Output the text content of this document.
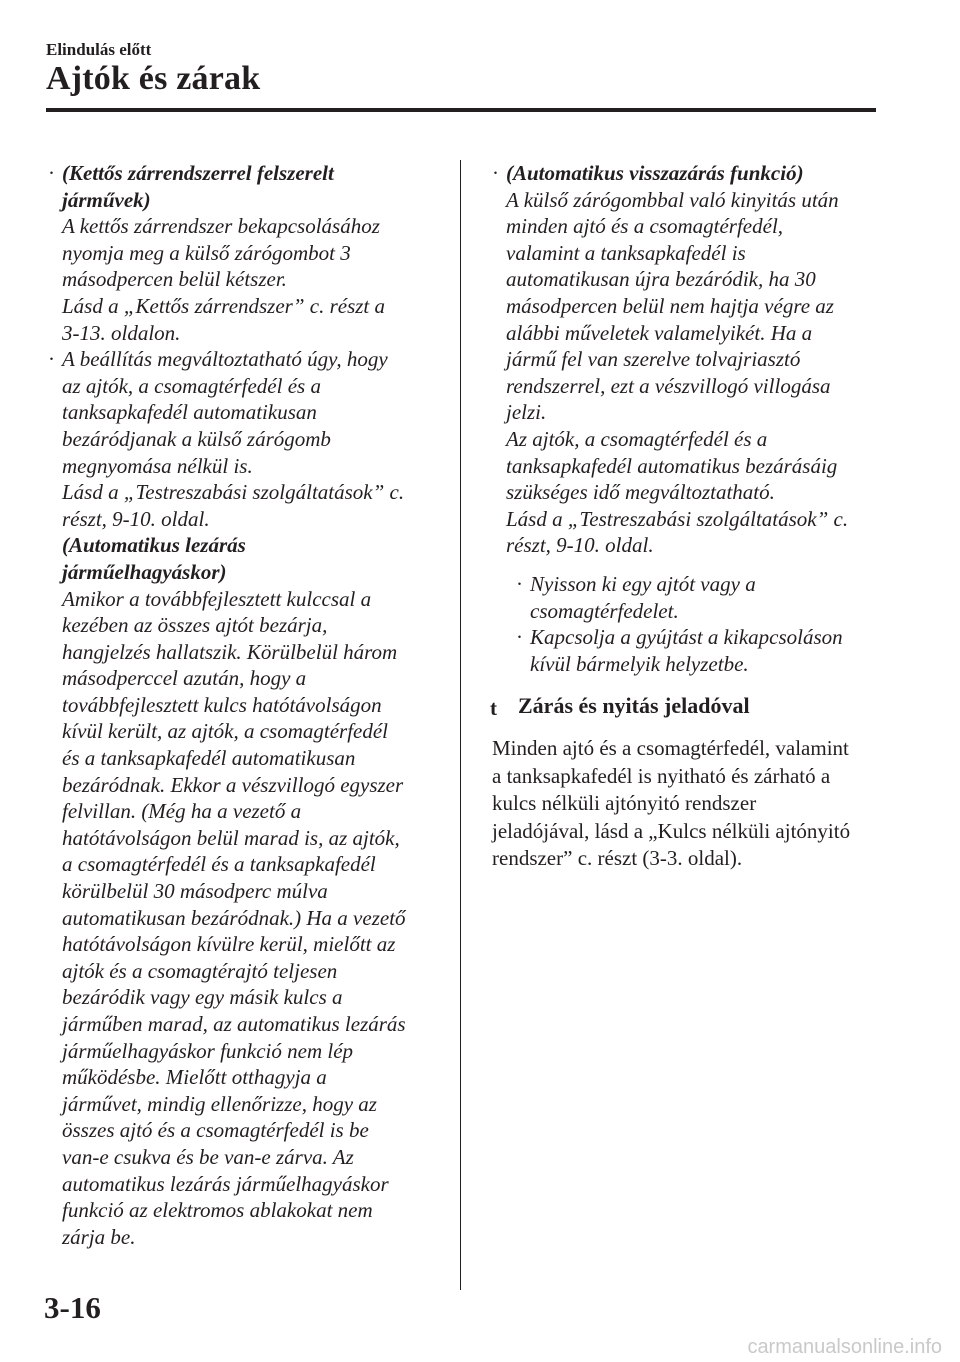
Elindulás előtt
Ajtók és zárak
· (Kettős zárrendszerrel felszerelt
járművek)

A kettős zárrendszer bekapcsolásához
nyomja meg a külső zárógombot 3
másodpercen belül kétszer.
Lásd a „Kettős zárrendszer” c. részt a
3-13. oldalon.

· A beállítás megváltoztatható úgy, hogy
az ajtók, a csomagtérfedél és a
tanksapkafedél automatikusan
bezáródjanak a külső zárógomb
megnyomása nélkül is.
Lásd a „Testreszabási szolgáltatások” c.
részt, 9-10. oldal.

(Automatikus lezárás
járműelhagyáskor)

Amikor a továbbfejlesztett kulccsal a
kezében az összes ajtót bezárja,
hangjelzés hallatszik. Körülbelül három
másodperccel azután, hogy a
továbbfejlesztett kulcs hatótávolságon
kívül került, az ajtók, a csomagtérfedél
és a tanksapkafedél automatikusan
bezáródnak. Ekkor a vészvillogó egyszer
felvillan. (Még ha a vezető a
hatótávolságon belül marad is, az ajtók,
a csomagtérfedél és a tanksapkafedél
körülbelül 30 másodperc múlva
automatikusan bezáródnak.) Ha a vezető
hatótávolságon kívülre kerül, mielőtt az
ajtók és a csomagtérajtó teljesen
bezáródik vagy egy másik kulcs a
járműben marad, az automatikus lezárás
járműelhagyáskor funkció nem lép
működésbe. Mielőtt otthagyja a
járművet, mindig ellenőrizze, hogy az
összes ajtó és a csomagtérfedél is be
van-e csukva és be van-e zárva. Az
automatikus lezárás járműelhagyáskor
funkció az elektromos ablakokat nem
zárja be.

· (Automatikus visszazárás funkció)

A külső zárógombbal való kinyitás után
minden ajtó és a csomagtérfedél,
valamint a tanksapkafedél is
automatikusan újra bezáródik, ha 30
másodpercen belül nem hajtja végre az
alábbi műveletek valamelyikét. Ha a
jármű fel van szerelve tolvajriasztó
rendszerrel, ezt a vészvillogó villogása
jelzi.
Az ajtók, a csomagtérfedél és a
tanksapkafedél automatikus bezárásáig
szükséges idő megváltoztatható.
Lásd a „Testreszabási szolgáltatások” c.
részt, 9-10. oldal.

· Nyisson ki egy ajtót vagy a
csomagtérfedelet.
· Kapcsolja a gyújtást a kikapcsoláson
kívül bármelyik helyzetbe.
t Zárás és nyitás jeladóval

Minden ajtó és a csomagtérfedél, valamint
a tanksapkafedél is nyitható és zárható a
kulcs nélküli ajtónyitó rendszer
jeladójával, lásd a „Kulcs nélküli ajtónyitó
rendszer” c. részt (3-3. oldal).

3-16
carmanualsonline.info
